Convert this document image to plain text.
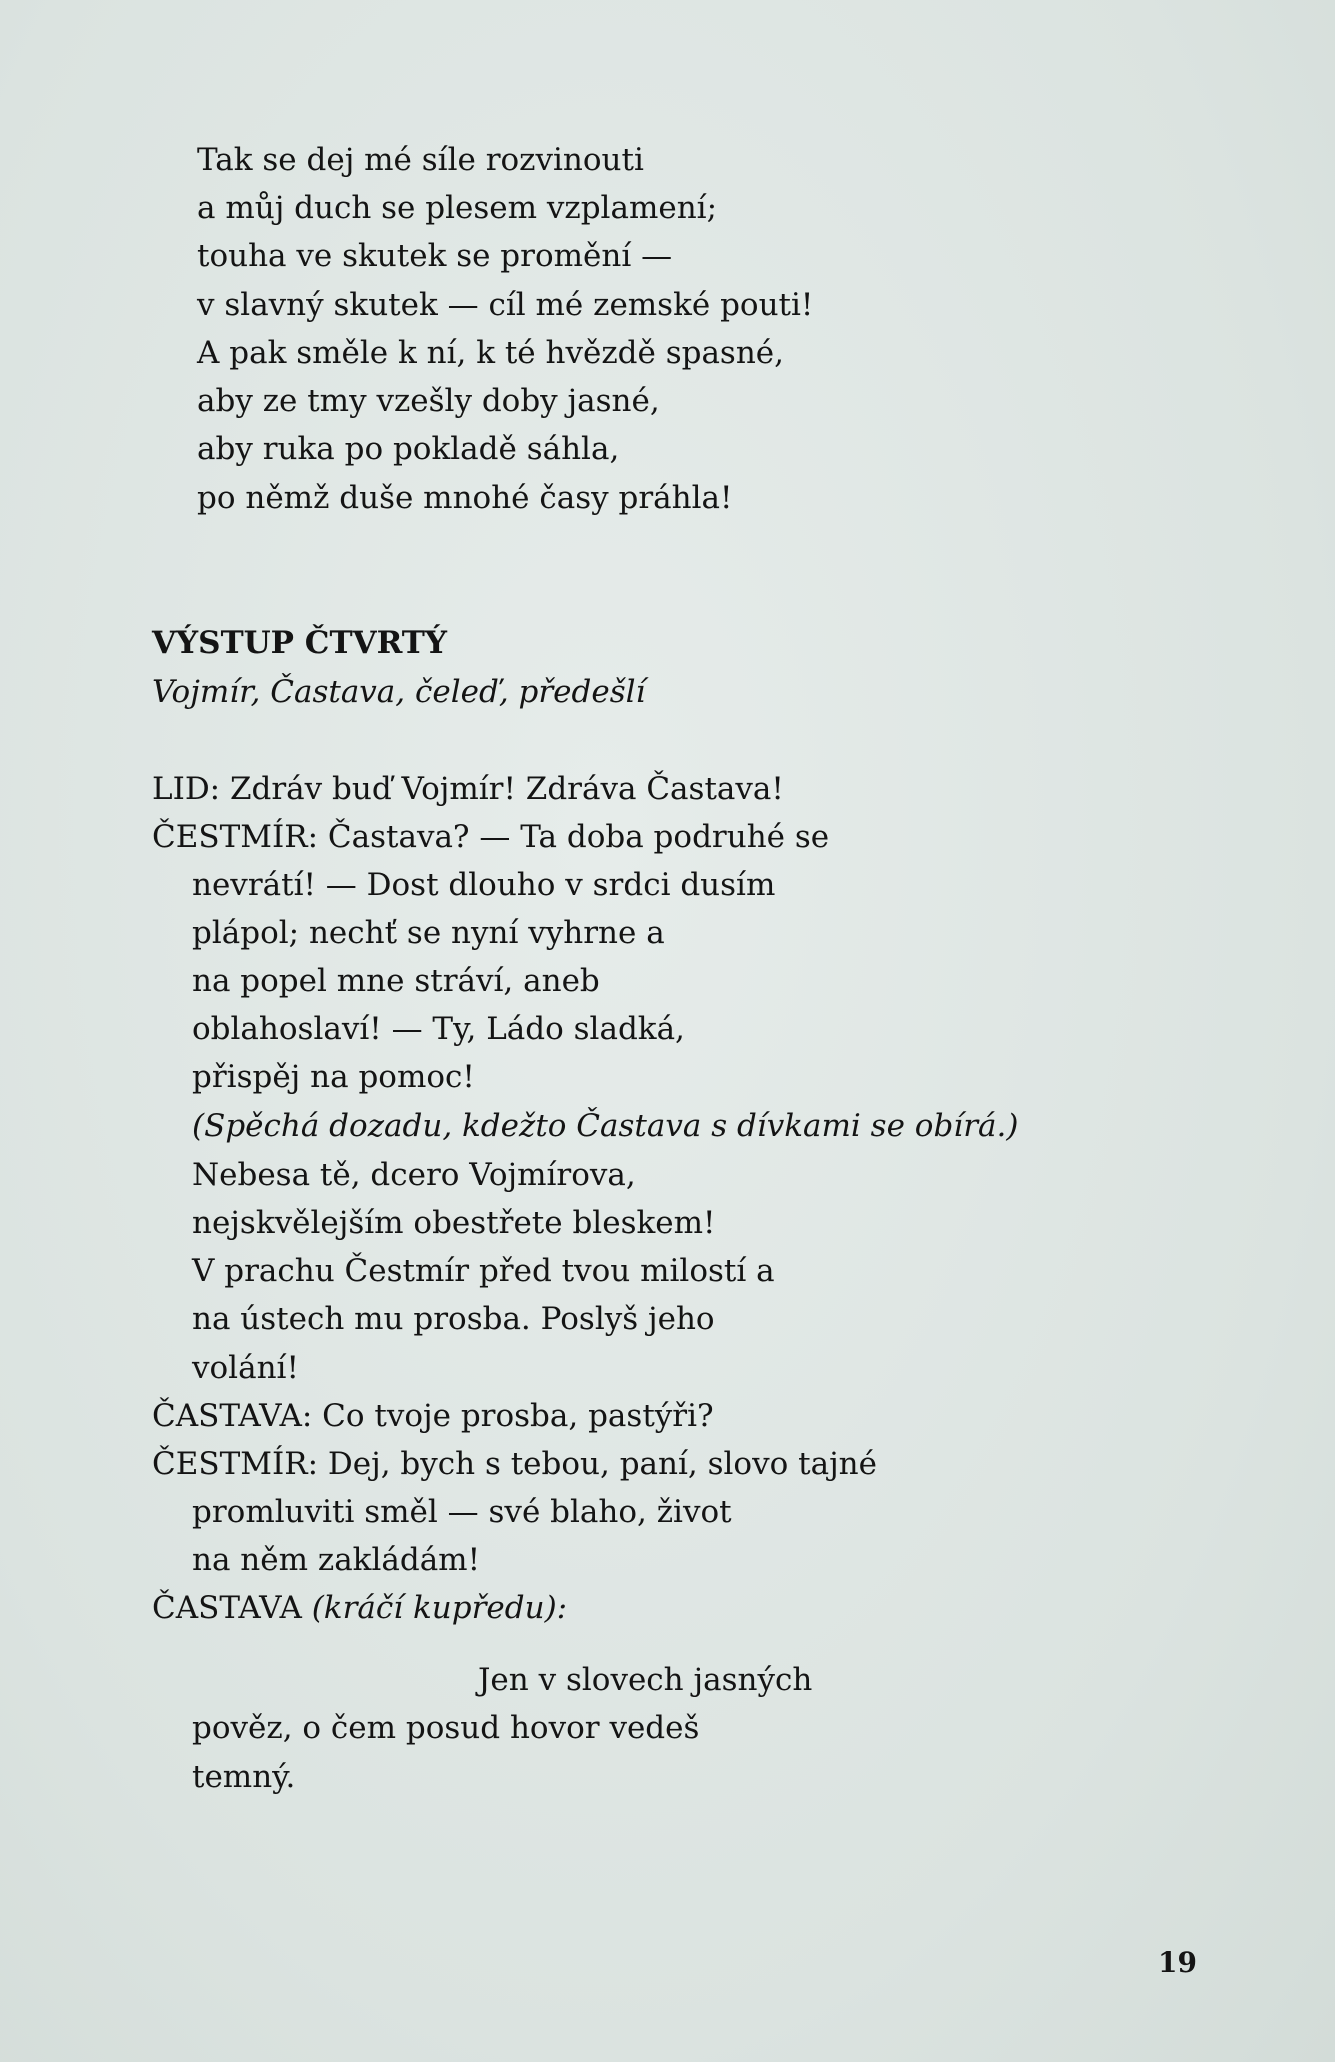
Tak se dej mé síle rozvinouti
a můj duch se plesem vzplamení;
touha ve skutek se promění —
v slavný skutek — cíl mé zemské pouti!
A pak směle k ní, k té hvězdě spasné,
aby ze tmy vzešly doby jasné,
aby ruka po pokladě sáhla,
po němž duše mnohé časy práhla!
VÝSTUP ČTVRTÝ
Vojmír, Častava, čeleď, předešlí
LID: Zdráv buď Vojmír! Zdráva Častava!
ČESTMÍR: Častava? — Ta doba podruhé se
nevrátí! — Dost dlouho v srdci dusím
plápol; nechť se nyní vyhrne a
na popel mne stráví, aneb
oblahoslaví! — Ty, Ládo sladká,
přispěj na pomoc!
(Spěchá dozadu, kdežto Častava s dívkami se obírá.)
Nebesa tě, dcero Vojmírova,
nejskvělejším obestřete bleskem!
V prachu Čestmír před tvou milostí a
na ústech mu prosba. Poslyš jeho
volání!
ČASTAVA: Co tvoje prosba, pastýři?
ČESTMÍR: Dej, bych s tebou, paní, slovo tajné
promluviti směl — své blaho, život
na něm zakládám!
ČASTAVA (kráčí kupředu):
Jen v slovech jasných
pověz, o čem posud hovor vedeš
temný.
19
